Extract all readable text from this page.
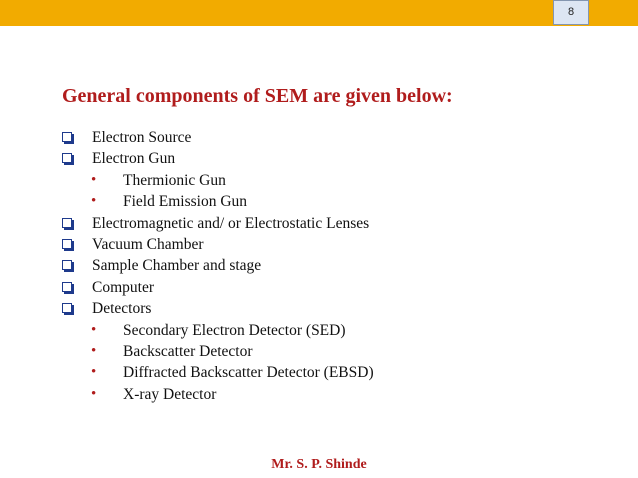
8
General components of SEM are given below:
Electron Source
Electron Gun
• Thermionic Gun
• Field Emission Gun
Electromagnetic and/ or Electrostatic Lenses
Vacuum Chamber
Sample Chamber and stage
Computer
Detectors
• Secondary Electron Detector (SED)
• Backscatter Detector
• Diffracted Backscatter Detector (EBSD)
• X-ray Detector
Mr. S. P. Shinde
